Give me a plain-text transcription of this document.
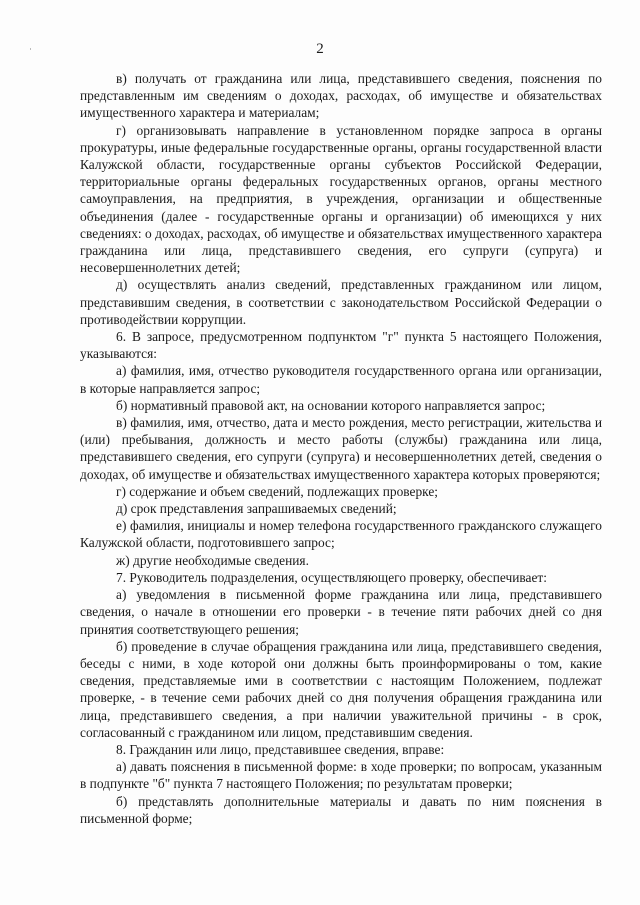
2

в) получать от гражданина или лица, представившего сведения, пояснения по представленным им сведениям о доходах, расходах, об имуществе и обязательствах имущественного характера и материалам;

г) организовывать направление в установленном порядке запроса в органы прокуратуры, иные федеральные государственные органы, органы государственной власти Калужской области, государственные органы субъектов Российской Федерации, территориальные органы федеральных государственных органов, органы местного самоуправления, на предприятия, в учреждения, организации и общественные объединения (далее - государственные органы и организации) об имеющихся у них сведениях: о доходах, расходах, об имуществе и обязательствах имущественного характера гражданина или лица, представившего сведения, его супруги (супруга) и несовершеннолетних детей;

д) осуществлять анализ сведений, представленных гражданином или лицом, представившим сведения, в соответствии с законодательством Российской Федерации о противодействии коррупции.

6. В запросе, предусмотренном подпунктом "г" пункта 5 настоящего Положения, указываются:

а) фамилия, имя, отчество руководителя государственного органа или организации, в которые направляется запрос;

б) нормативный правовой акт, на основании которого направляется запрос;

в) фамилия, имя, отчество, дата и место рождения, место регистрации, жительства и (или) пребывания, должность и место работы (службы) гражданина или лица, представившего сведения, его супруги (супруга) и несовершеннолетних детей, сведения о доходах, об имуществе и обязательствах имущественного характера которых проверяются;

г) содержание и объем сведений, подлежащих проверке;

д) срок представления запрашиваемых сведений;

е) фамилия, инициалы и номер телефона государственного гражданского служащего Калужской области, подготовившего запрос;

ж) другие необходимые сведения.

7. Руководитель подразделения, осуществляющего проверку, обеспечивает:

а) уведомления в письменной форме гражданина или лица, представившего сведения, о начале в отношении его проверки - в течение пяти рабочих дней со дня принятия соответствующего решения;

б) проведение в случае обращения гражданина или лица, представившего сведения, беседы с ними, в ходе которой они должны быть проинформированы о том, какие сведения, представляемые ими в соответствии с настоящим Положением, подлежат проверке, - в течение семи рабочих дней со дня получения обращения гражданина или лица, представившего сведения, а при наличии уважительной причины - в срок, согласованный с гражданином или лицом, представившим сведения.

8. Гражданин или лицо, представившее сведения, вправе:

а) давать пояснения в письменной форме: в ходе проверки; по вопросам, указанным в подпункте "б" пункта 7 настоящего Положения; по результатам проверки;

б) представлять дополнительные материалы и давать по ним пояснения в письменной форме;
